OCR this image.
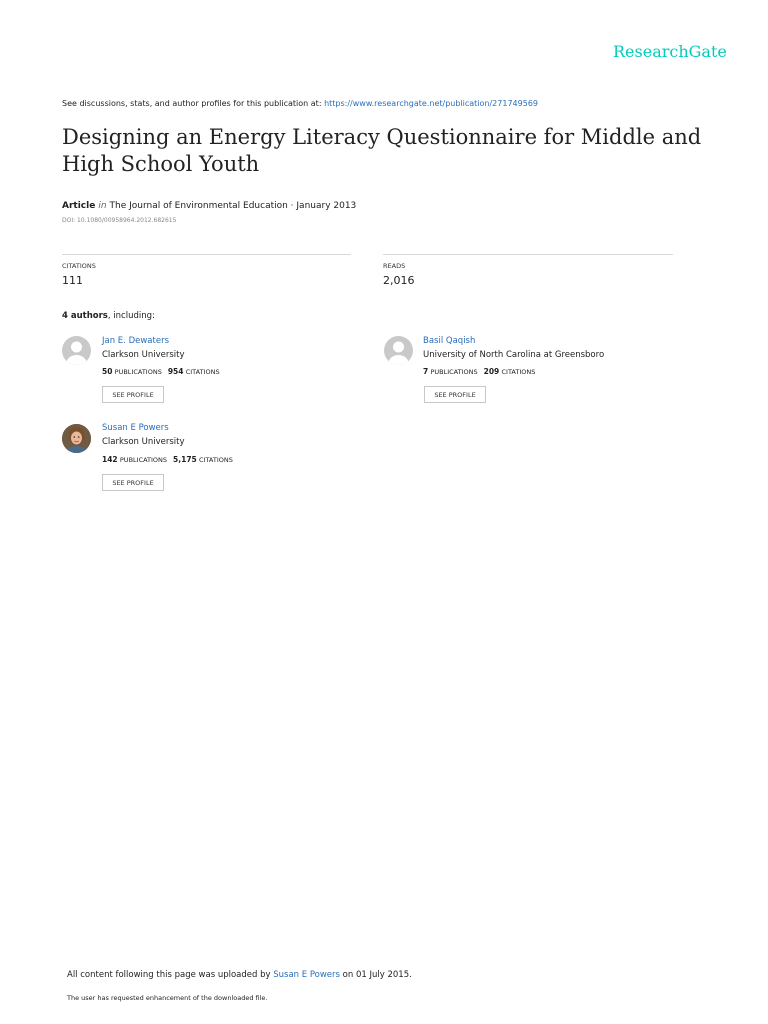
ResearchGate
See discussions, stats, and author profiles for this publication at: https://www.researchgate.net/publication/271749569
Designing an Energy Literacy Questionnaire for Middle and High School Youth
Article in The Journal of Environmental Education · January 2013
DOI: 10.1080/00958964.2012.682615
CITATIONS
111
READS
2,016
4 authors, including:
Jan E. Dewaters
Clarkson University
50 PUBLICATIONS 954 CITATIONS
SEE PROFILE
Basil Qaqish
University of North Carolina at Greensboro
7 PUBLICATIONS 209 CITATIONS
SEE PROFILE
Susan E Powers
Clarkson University
142 PUBLICATIONS 5,175 CITATIONS
SEE PROFILE
All content following this page was uploaded by Susan E Powers on 01 July 2015.
The user has requested enhancement of the downloaded file.
